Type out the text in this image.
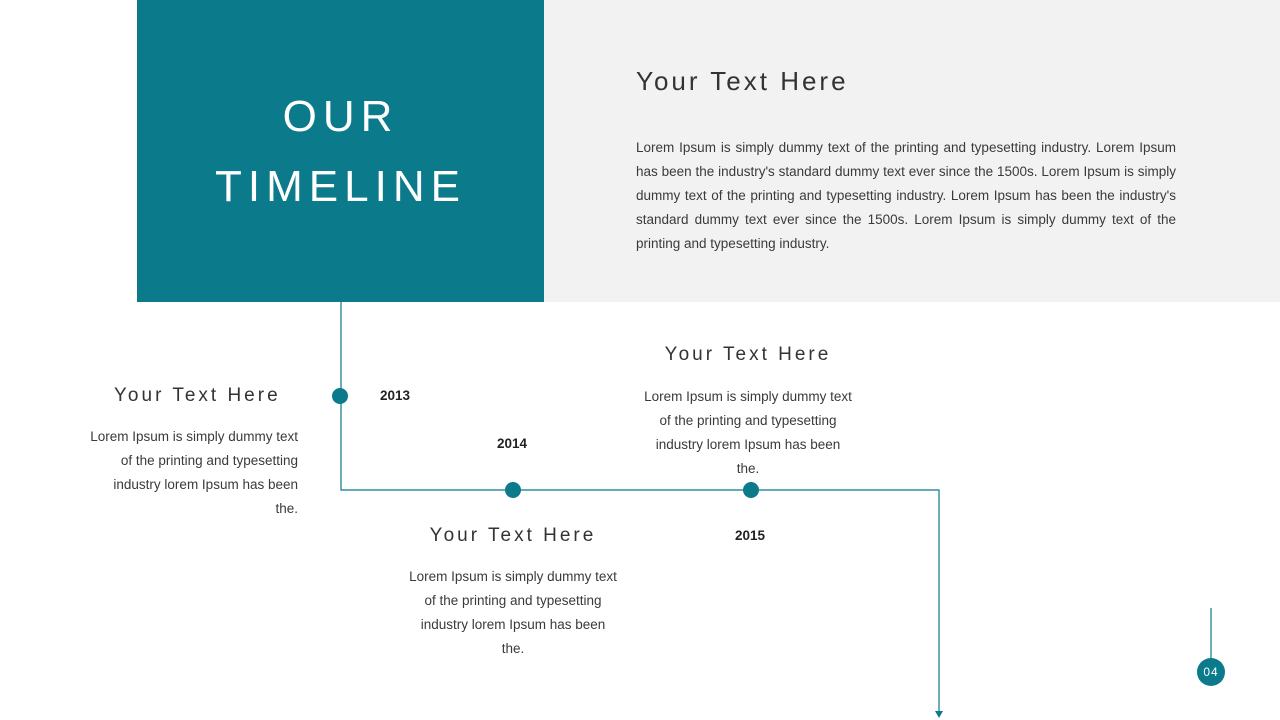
OUR
TIMELINE
Your Text Here
Lorem Ipsum is simply dummy text of the printing and typesetting industry. Lorem Ipsum has been the industry's standard dummy text ever since the 1500s. Lorem Ipsum is simply dummy text of the printing and typesetting industry. Lorem Ipsum has been the industry's standard dummy text ever since the 1500s. Lorem Ipsum is simply dummy text of the printing and typesetting industry.
Your Text Here
Lorem Ipsum is simply dummy text of the printing and typesetting industry lorem Ipsum has been the.
2013
2014
Your Text Here
Lorem Ipsum is simply dummy text of the printing and typesetting industry lorem Ipsum has been the.
Your Text Here
Lorem Ipsum is simply dummy text of the printing and typesetting industry lorem Ipsum has been the.
2015
04
